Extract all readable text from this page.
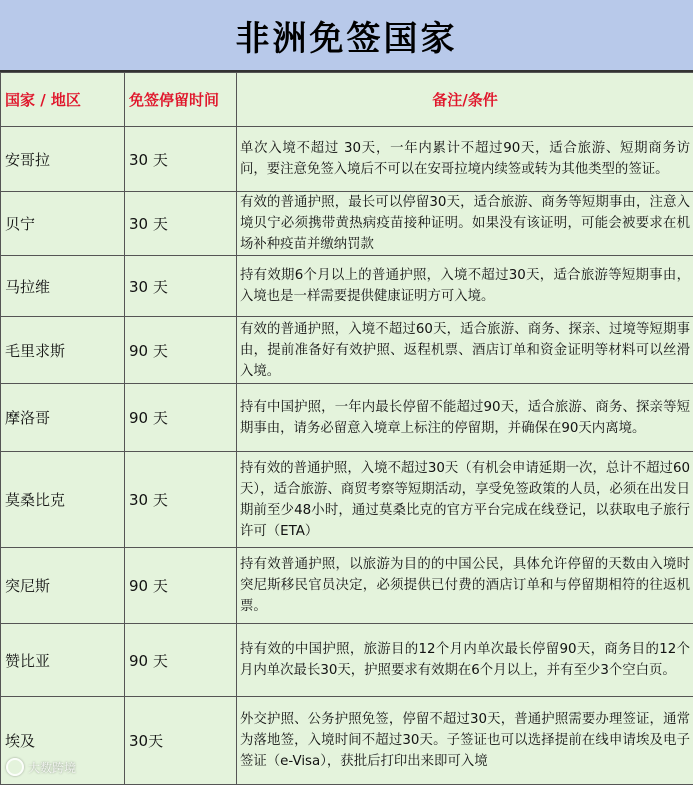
非洲免签国家
国家 / 地区	免签停留时间	备注/条件
安哥拉	30 天	单次入境不超过 30天，一年内累计不超过90天，适合旅游、短期商务访问，要注意免签入境后不可以在安哥拉境内续签或转为其他类型的签证。
贝宁	30 天	有效的普通护照，最长可以停留30天，适合旅游、商务等短期事由，注意入境贝宁必须携带黄热病疫苗接种证明。如果没有该证明，可能会被要求在机场补种疫苗并缴纳罚款
马拉维	30 天	持有效期6个月以上的普通护照，入境不超过30天，适合旅游等短期事由，入境也是一样需要提供健康证明方可入境。
毛里求斯	90 天	有效的普通护照，入境不超过60天，适合旅游、商务、探亲、过境等短期事由，提前准备好有效护照、返程机票、酒店订单和资金证明等材料可以丝滑入境。
摩洛哥	90 天	持有中国护照，一年内最长停留不能超过90天，适合旅游、商务、探亲等短期事由，请务必留意入境章上标注的停留期，并确保在90天内离境。
莫桑比克	30 天	持有效的普通护照，入境不超过30天（有机会申请延期一次，总计不超过60天），适合旅游、商贸考察等短期活动，享受免签政策的人员，必须在出发日期前至少48小时，通过莫桑比克的官方平台完成在线登记，以获取电子旅行许可（ETA）
突尼斯	90 天	持有效普通护照，以旅游为目的的中国公民，具体允许停留的天数由入境时突尼斯移民官员决定，必须提供已付费的酒店订单和与停留期相符的往返机票。
赞比亚	90 天	持有效的中国护照，旅游目的12个月内单次最长停留90天，商务目的12个月内单次最长30天，护照要求有效期在6个月以上，并有至少3个空白页。
埃及	30天	外交护照、公务护照免签，停留不超过30天，普通护照需要办理签证，通常为落地签，入境时间不超过30天。子签证也可以选择提前在线申请埃及电子签证（e-Visa），获批后打印出来即可入境
大数跨境
